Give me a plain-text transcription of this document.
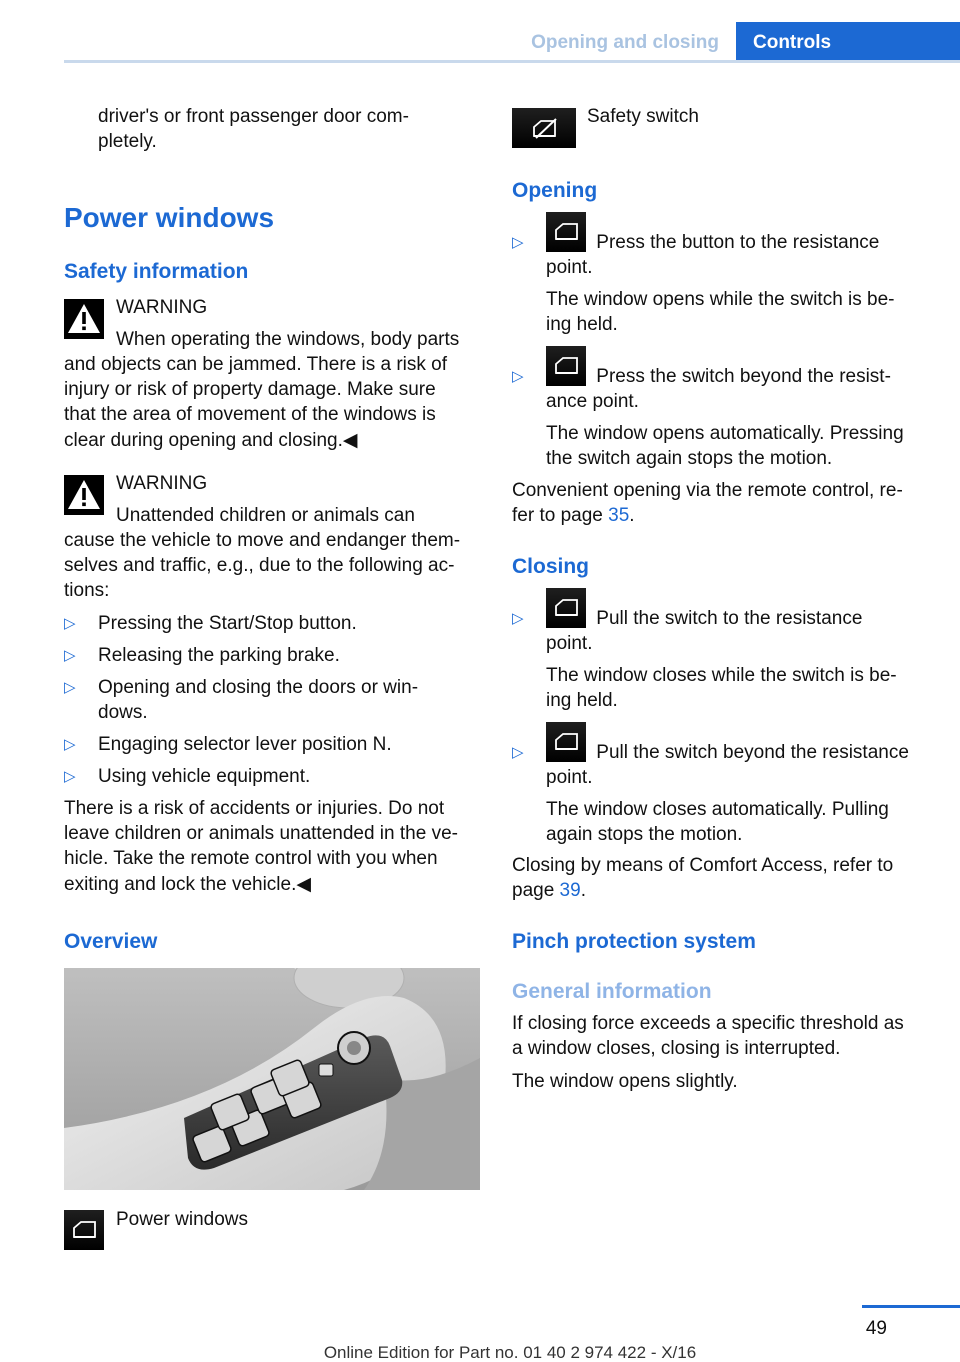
Opening and closing	Controls
driver's or front passenger door com‐
pletely.
Power windows
Safety information
WARNING
When operating the windows, body parts
and objects can be jammed. There is a risk of
injury or risk of property damage. Make sure
that the area of movement of the windows is
clear during opening and closing.◀
WARNING
Unattended children or animals can
cause the vehicle to move and endanger them‐
selves and traffic, e.g., due to the following ac‐
tions:
▷ Pressing the Start/Stop button.
▷ Releasing the parking brake.
▷ Opening and closing the doors or win‐
dows.
▷ Engaging selector lever position N.
▷ Using vehicle equipment.
There is a risk of accidents or injuries. Do not
leave children or animals unattended in the ve‐
hicle. Take the remote control with you when
exiting and lock the vehicle.◀
Overview
Power windows
Safety switch
Opening
▷	Press the button to the resistance
point.
The window opens while the switch is be‐
ing held.
▷	Press the switch beyond the resist‐
ance point.
The window opens automatically. Pressing
the switch again stops the motion.
Convenient opening via the remote control, re‐
fer to page 35.
Closing
▷	Pull the switch to the resistance
point.
The window closes while the switch is be‐
ing held.
▷	Pull the switch beyond the resistance
point.
The window closes automatically. Pulling
again stops the motion.
Closing by means of Comfort Access, refer to
page 39.
Pinch protection system
General information
If closing force exceeds a specific threshold as
a window closes, closing is interrupted.
The window opens slightly.
49
Online Edition for Part no. 01 40 2 974 422 - X/16
